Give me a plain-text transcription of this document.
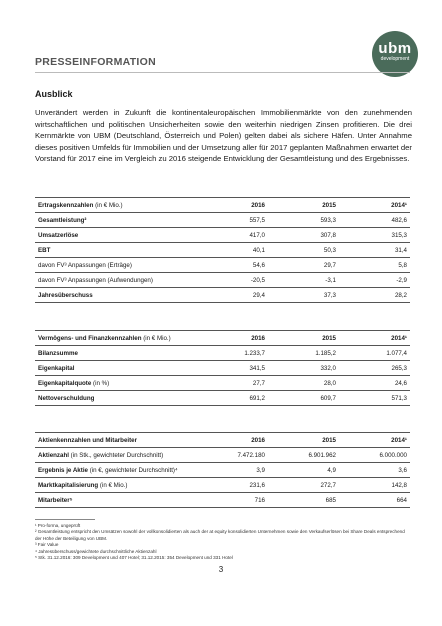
ubm
development
PRESSEINFORMATION
Ausblick
Unverändert werden in Zukunft die kontinentaleuropäischen Immobilienmärkte von den zunehmenden wirtschaftlichen und politischen Unsicherheiten sowie den weiterhin niedrigen Zinsen profitieren. Die drei Kernmärkte von UBM (Deutschland, Österreich und Polen) gelten dabei als sichere Häfen. Unter Annahme dieses positiven Umfelds für Immobilien und der Umsetzung aller für 2017 geplanten Maßnahmen erwartet der Vorstand für 2017 eine im Vergleich zu 2016 steigende Entwicklung der Gesamtleistung und des Ergebnisses.
Ertragskennzahlen (in € Mio.)	2016	2015	2014¹
Gesamtleistung²	557,5	593,3	482,6
Umsatzerlöse	417,0	307,8	315,3
EBT	40,1	50,3	31,4
davon FV³ Anpassungen (Erträge)	54,6	29,7	5,8
davon FV³ Anpassungen (Aufwendungen)	-20,5	-3,1	-2,9
Jahresüberschuss	29,4	37,3	28,2
Vermögens- und Finanzkennzahlen (in € Mio.)	2016	2015	2014¹
Bilanzsumme	1.233,7	1.185,2	1.077,4
Eigenkapital	341,5	332,0	265,3
Eigenkapitalquote (in %)	27,7	28,0	24,6
Nettoverschuldung	691,2	609,7	571,3
Aktienkennzahlen und Mitarbeiter	2016	2015	2014¹
Aktienzahl (in Stk., gewichteter Durchschnitt)	7.472.180	6.901.962	6.000.000
Ergebnis je Aktie (in €, gewichteter Durchschnitt)⁴	3,9	4,9	3,6
Marktkapitalisierung (in € Mio.)	231,6	272,7	142,8
Mitarbeiter⁵	716	685	664
¹ Pro-forma, ungeprüft
² Gesamtleistung entspricht den Umsätzen sowohl der vollkonsolidierten als auch der at equity konsolidierten Unternehmen sowie den Verkaufserlösen bei Share Deals entsprechend der Höhe der Beteiligung von UBM.
³ Fair Value
⁴ Jahresüberschuss/gewichtete durchschnittliche Aktienzahl
⁵ Stk. 31.12.2016: 309 Development und 407 Hotel; 31.12.2015: 354 Development und 331 Hotel
3
